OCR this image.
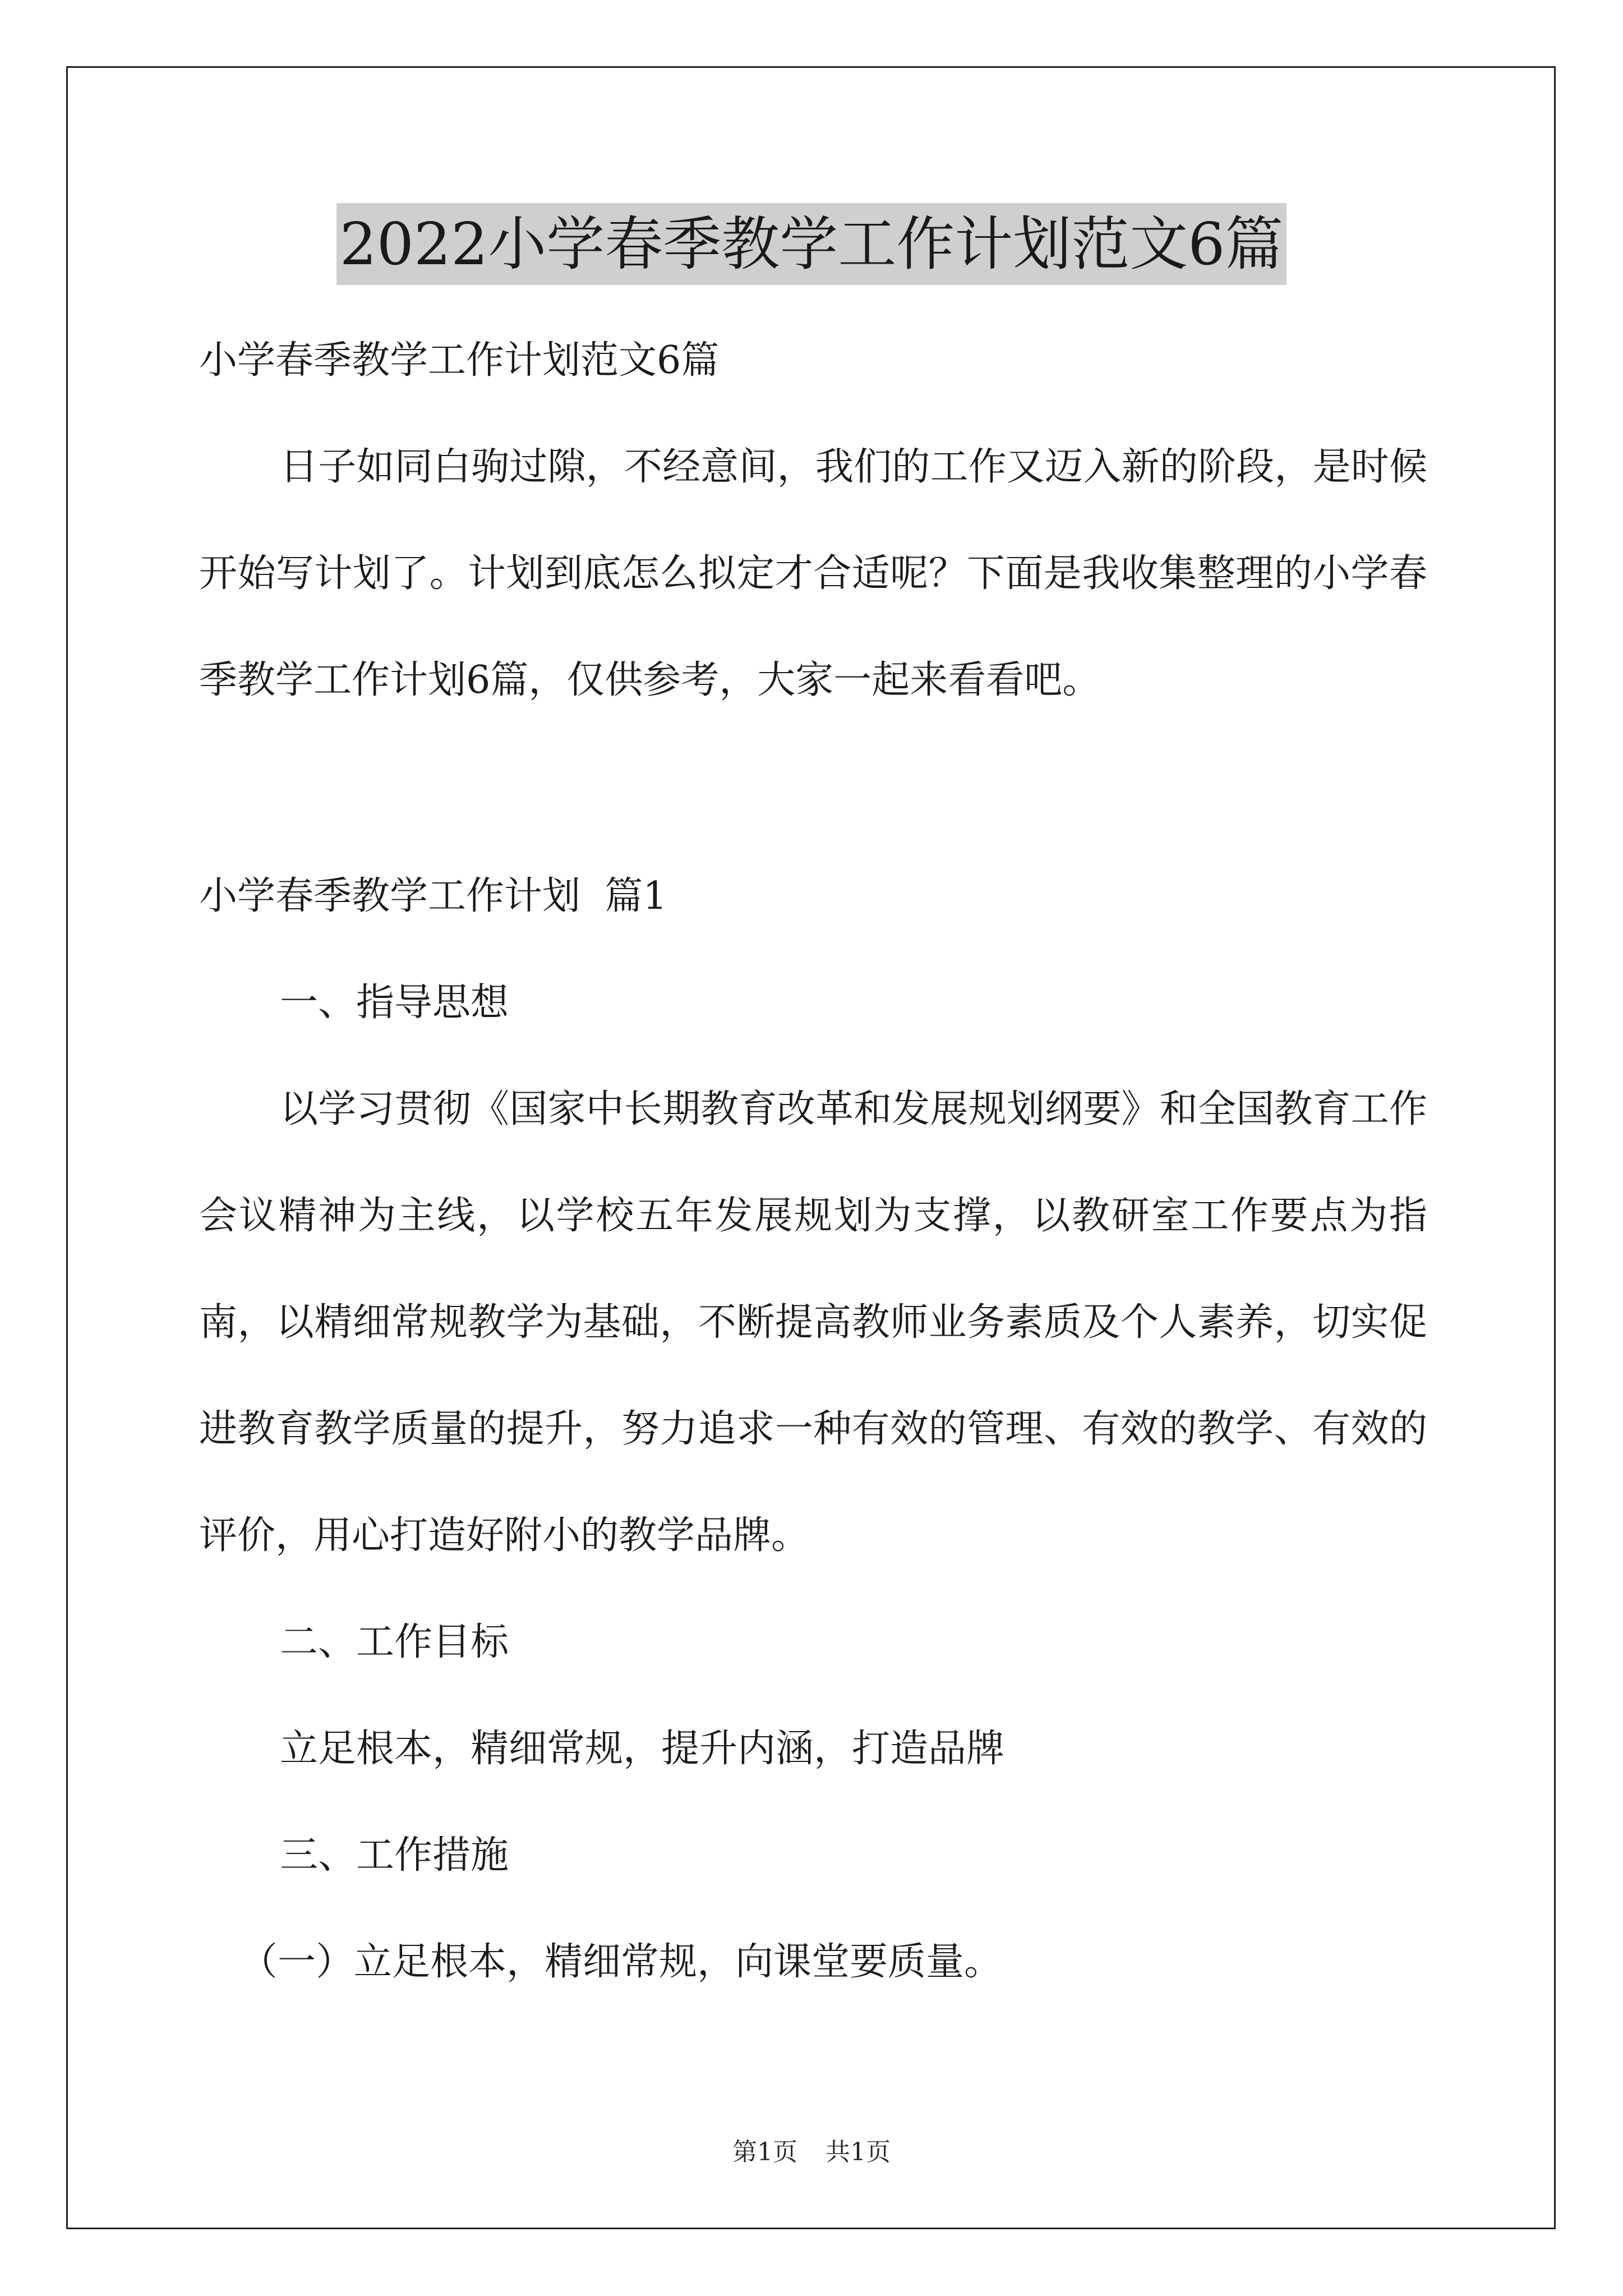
2022小学春季教学工作计划范文6篇

小学春季教学工作计划范文6篇

日子如同白驹过隙，不经意间，我们的工作又迈入新的阶段，是时候开始写计划了。计划到底怎么拟定才合适呢？下面是我收集整理的小学春季教学工作计划6篇，仅供参考，大家一起来看看吧。

小学春季教学工作计划  篇1

一、指导思想

以学习贯彻《国家中长期教育改革和发展规划纲要》和全国教育工作会议精神为主线，以学校五年发展规划为支撑，以教研室工作要点为指南，以精细常规教学为基础，不断提高教师业务素质及个人素养，切实促进教育教学质量的提升，努力追求一种有效的管理、有效的教学、有效的评价，用心打造好附小的教学品牌。

二、工作目标

立足根本，精细常规，提升内涵，打造品牌

三、工作措施

（一）立足根本，精细常规，向课堂要质量。

第1页 共1页
